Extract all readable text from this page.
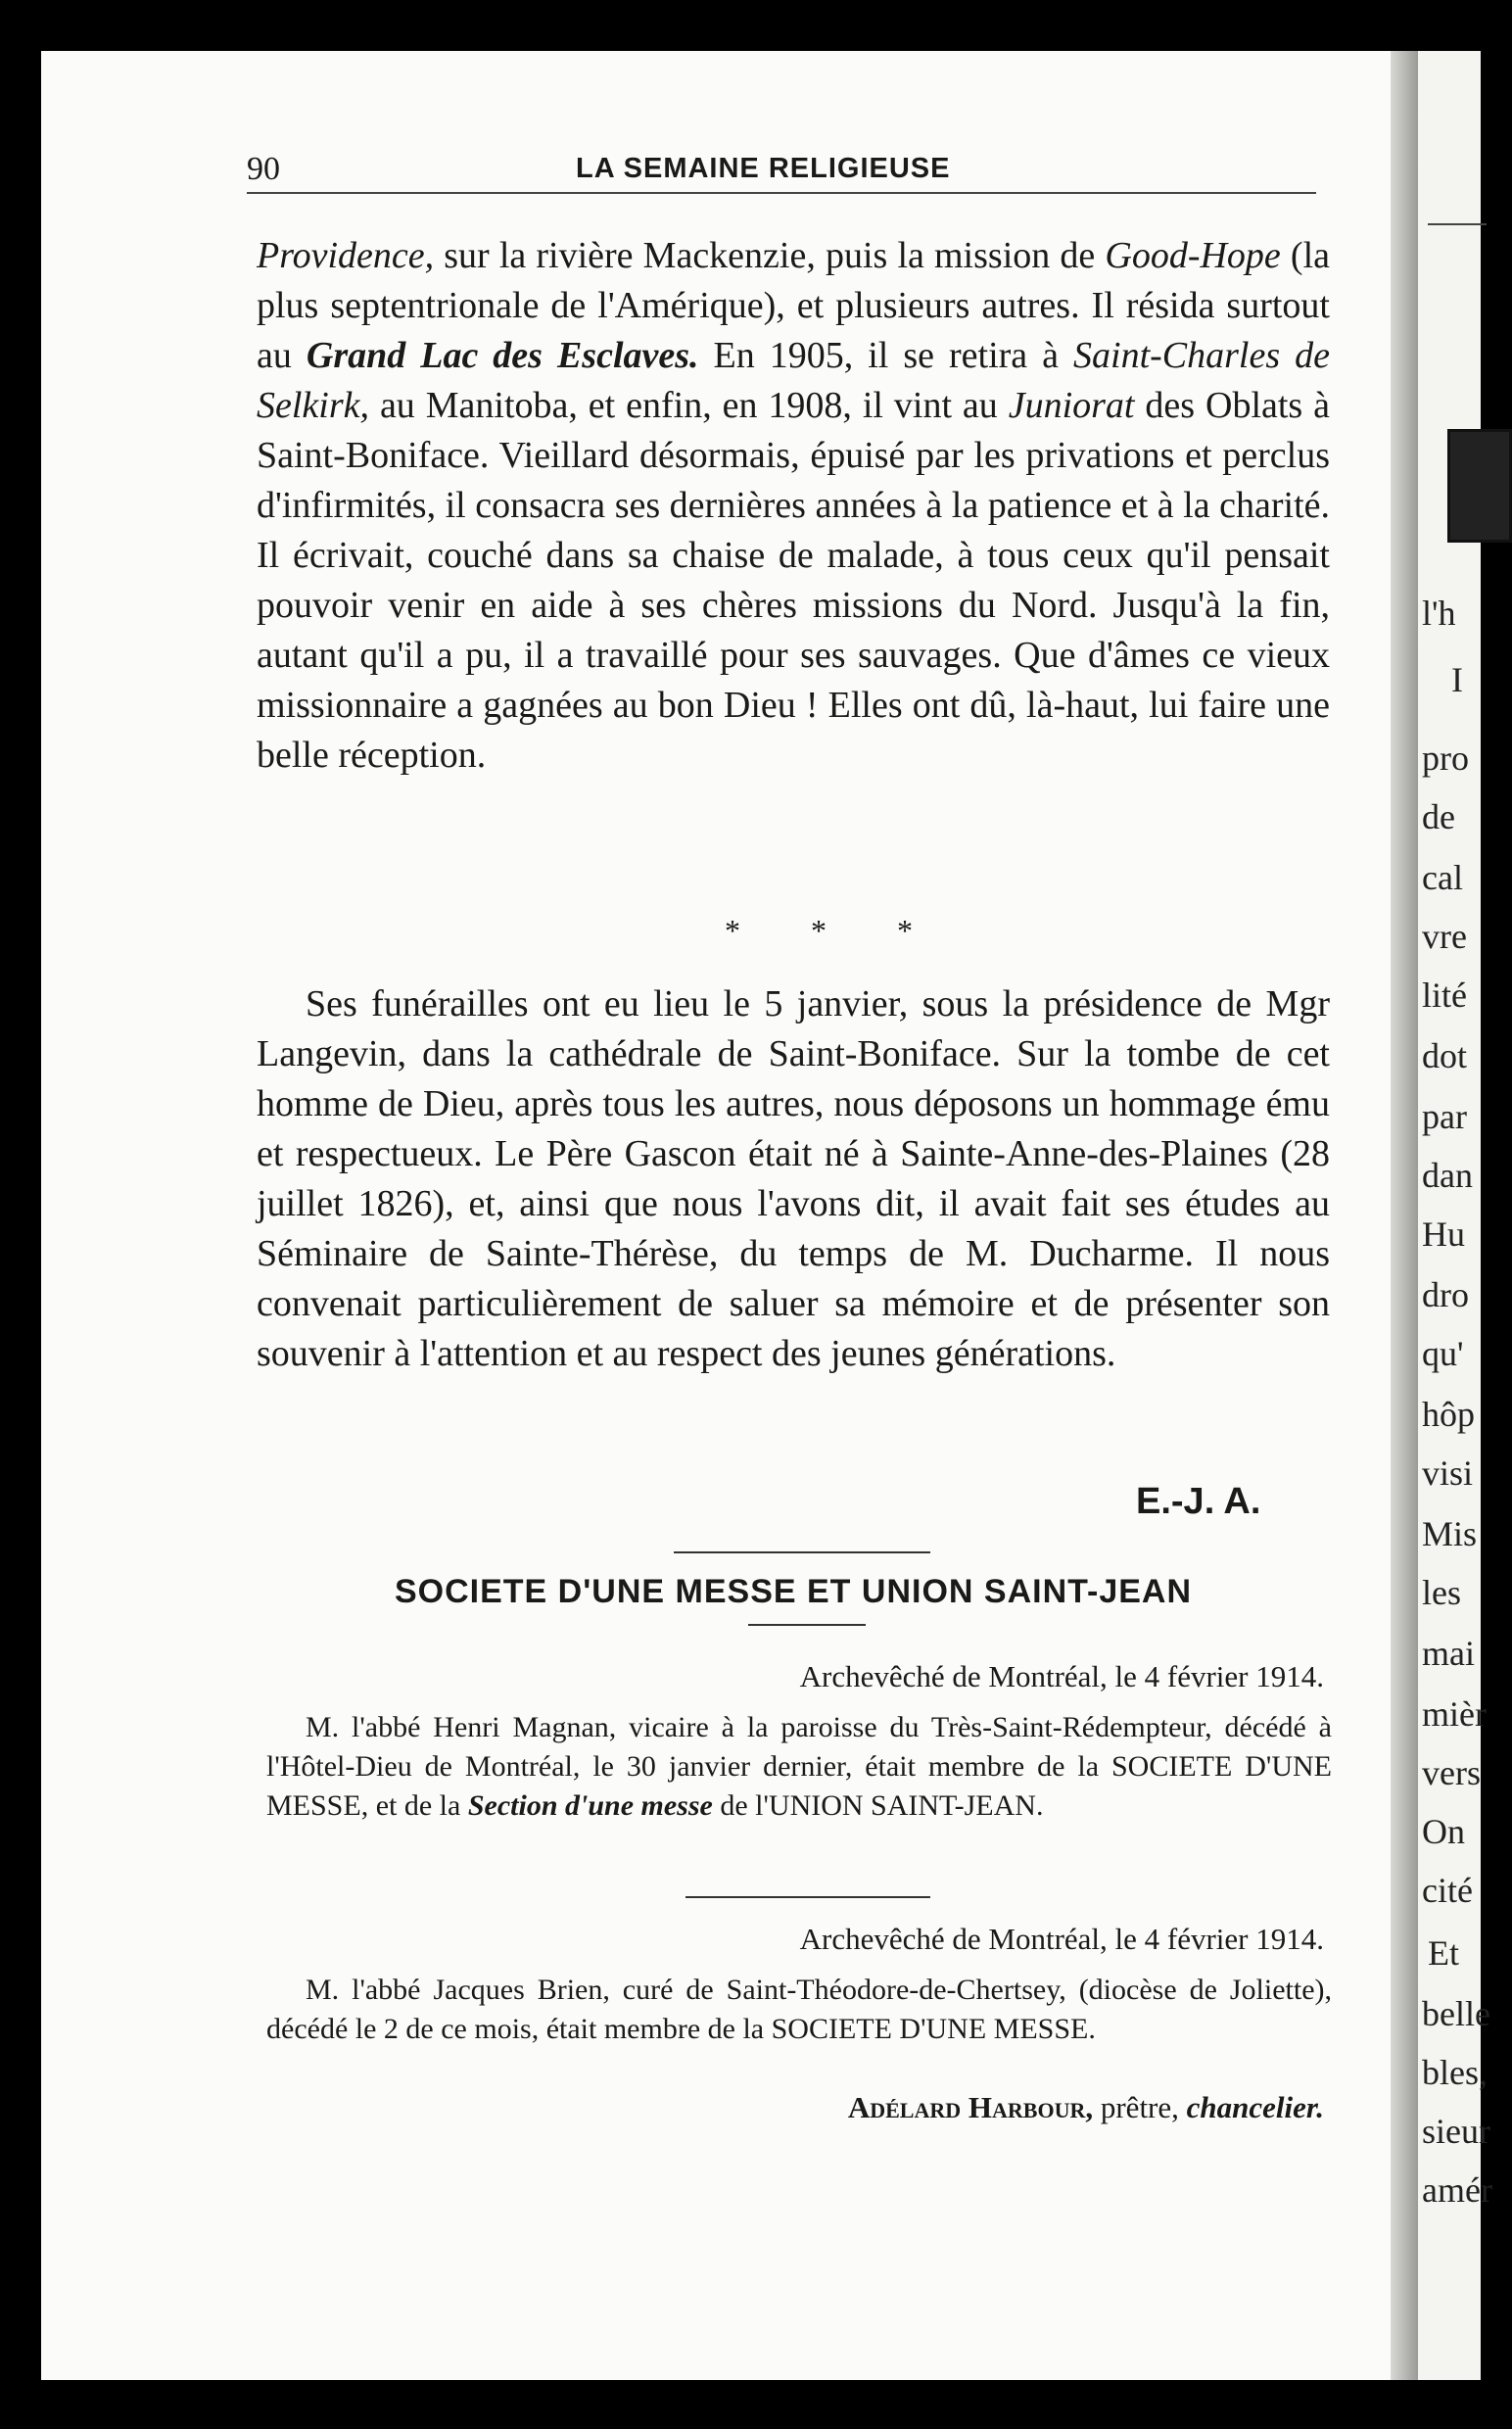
l'h
I
pro
de
cal
vre
lité
dot
par
dan
Hu
dro
qu'
hôp
visi
Mis
les
mai
mièr
vers
On
cité
Et
belle
bles,
sieur
amér
90	LA SEMAINE RELIGIEUSE

Providence, sur la rivière Mackenzie, puis la mission de Good-Hope (la plus septentrionale de l'Amérique), et plusieurs autres. Il résida surtout au Grand Lac des Esclaves. En 1905, il se retira à Saint-Charles de Selkirk, au Manitoba, et enfin, en 1908, il vint au Juniorat des Oblats à Saint-Boniface. Vieillard désormais, épuisé par les privations et perclus d'infirmités, il consacra ses dernières années à la patience et à la charité. Il écrivait, couché dans sa chaise de malade, à tous ceux qu'il pensait pouvoir venir en aide à ses chères missions du Nord. Jusqu'à la fin, autant qu'il a pu, il a travaillé pour ses sauvages. Que d'âmes ce vieux missionnaire a gagnées au bon Dieu ! Elles ont dû, là-haut, lui faire une belle réception.

* * *

Ses funérailles ont eu lieu le 5 janvier, sous la présidence de Mgr Langevin, dans la cathédrale de Saint-Boniface. Sur la tombe de cet homme de Dieu, après tous les autres, nous déposons un hommage ému et respectueux. Le Père Gascon était né à Sainte-Anne-des-Plaines (28 juillet 1826), et, ainsi que nous l'avons dit, il avait fait ses études au Séminaire de Sainte-Thérèse, du temps de M. Ducharme. Il nous convenait particulièrement de saluer sa mémoire et de présenter son souvenir à l'attention et au respect des jeunes générations.

E.-J. A.
SOCIETE D'UNE MESSE ET UNION SAINT-JEAN
Archevêché de Montréal, le 4 février 1914.
M. l'abbé Henri Magnan, vicaire à la paroisse du Très-Saint-Rédempteur, décédé à l'Hôtel-Dieu de Montréal, le 30 janvier dernier, était membre de la SOCIETE D'UNE MESSE, et de la Section d'une messe de l'UNION SAINT-JEAN.
Archevêché de Montréal, le 4 février 1914.
M. l'abbé Jacques Brien, curé de Saint-Théodore-de-Chertsey, (diocèse de Joliette), décédé le 2 de ce mois, était membre de la SOCIETE D'UNE MESSE.
Adélard Harbour, prêtre, chancelier.
